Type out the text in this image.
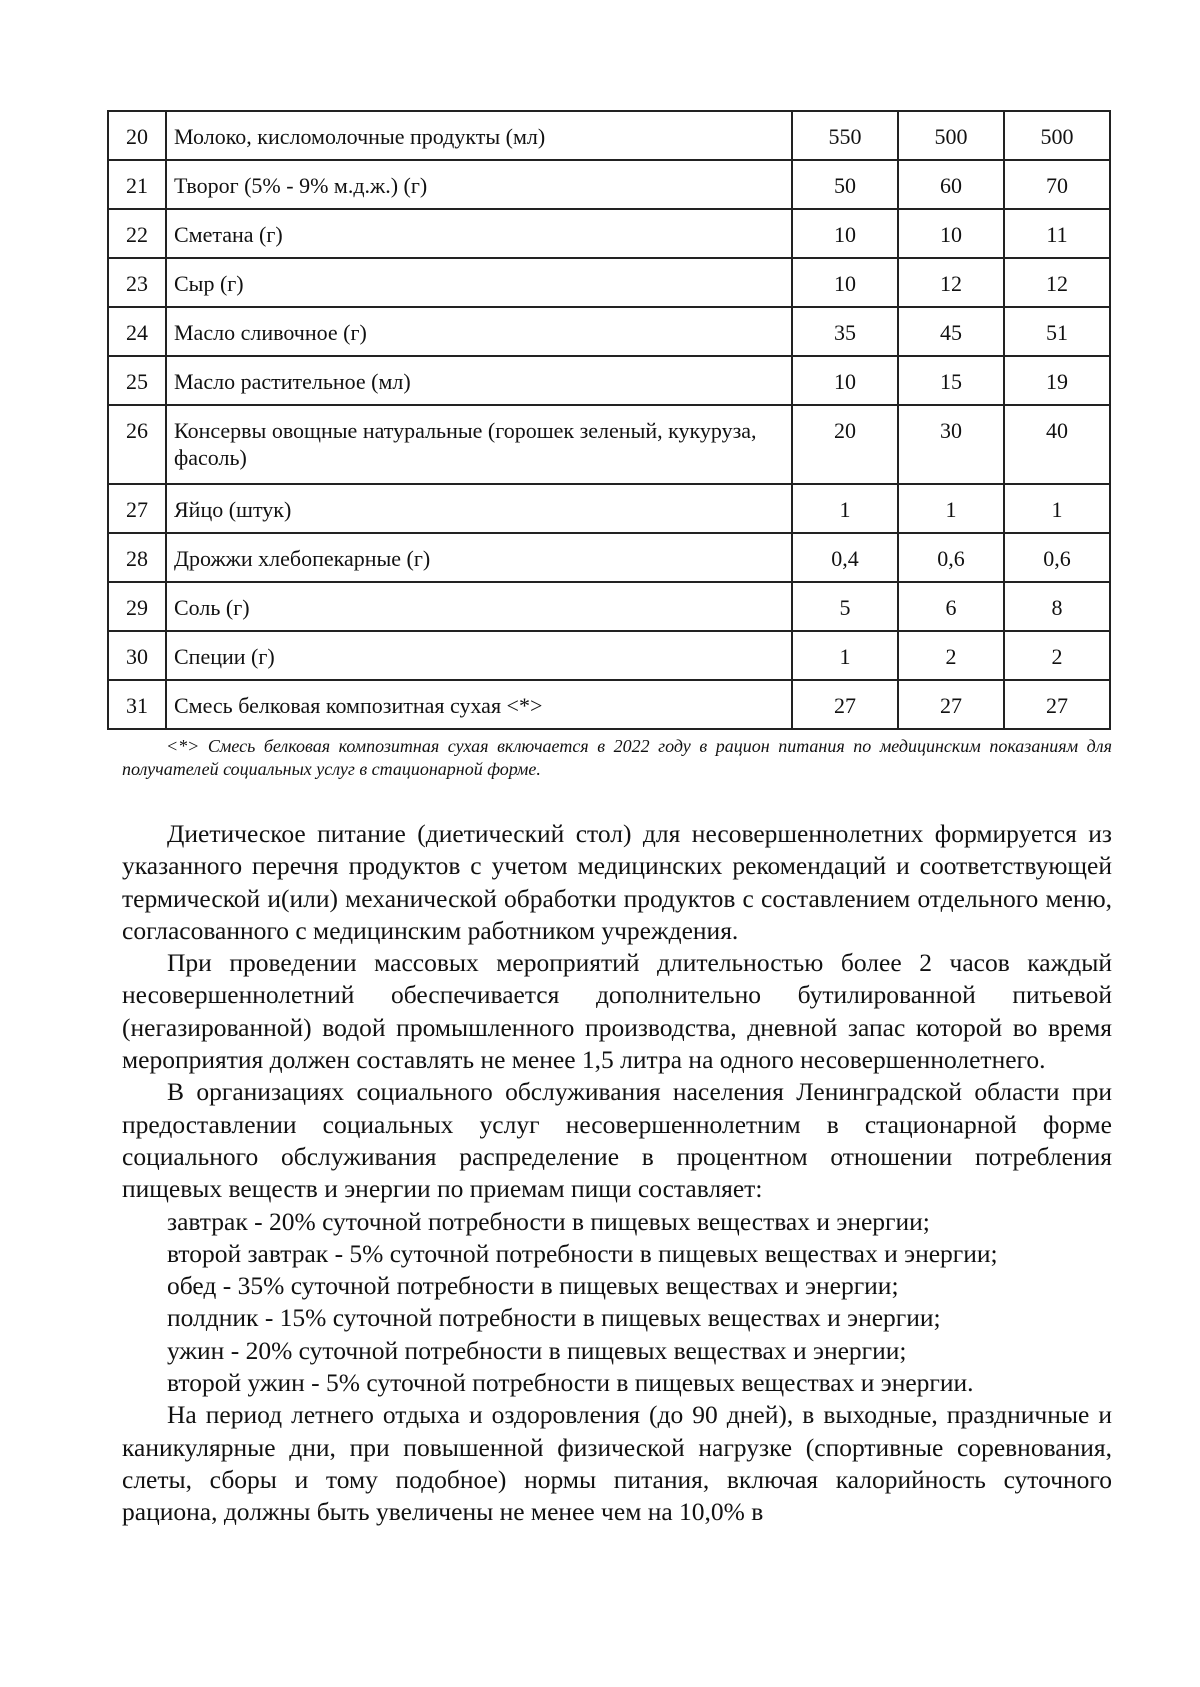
20	Молоко, кисломолочные продукты (мл)	550	500	500
21	Творог (5% - 9% м.д.ж.) (г)	50	60	70
22	Сметана (г)	10	10	11
23	Сыр (г)	10	12	12
24	Масло сливочное (г)	35	45	51
25	Масло растительное (мл)	10	15	19
26	Консервы овощные натуральные (горошек зеленый, кукуруза, фасоль)	20	30	40
27	Яйцо (штук)	1	1	1
28	Дрожжи хлебопекарные (г)	0,4	0,6	0,6
29	Соль (г)	5	6	8
30	Специи (г)	1	2	2
31	Смесь белковая композитная сухая <*>	27	27	27

<*> Смесь белковая композитная сухая включается в 2022 году в рацион питания по медицинским показаниям для получателей социальных услуг в стационарной форме.

Диетическое питание (диетический стол) для несовершеннолетних формируется из указанного перечня продуктов с учетом медицинских рекомендаций и соответствующей термической и(или) механической обработки продуктов с составлением отдельного меню, согласованного с медицинским работником учреждения.

При проведении массовых мероприятий длительностью более 2 часов каждый несовершеннолетний обеспечивается дополнительно бутилированной питьевой (негазированной) водой промышленного производства, дневной запас которой во время мероприятия должен составлять не менее 1,5 литра на одного несовершеннолетнего.

В организациях социального обслуживания населения Ленинградской области при предоставлении социальных услуг несовершеннолетним в стационарной форме социального обслуживания распределение в процентном отношении потребления пищевых веществ и энергии по приемам пищи составляет:

завтрак - 20% суточной потребности в пищевых веществах и энергии;

второй завтрак - 5% суточной потребности в пищевых веществах и энергии;

обед - 35% суточной потребности в пищевых веществах и энергии;

полдник - 15% суточной потребности в пищевых веществах и энергии;

ужин - 20% суточной потребности в пищевых веществах и энергии;

второй ужин - 5% суточной потребности в пищевых веществах и энергии.

На период летнего отдыха и оздоровления (до 90 дней), в выходные, праздничные и каникулярные дни, при повышенной физической нагрузке (спортивные соревнования, слеты, сборы и тому подобное) нормы питания, включая калорийность суточного рациона, должны быть увеличены не менее чем на 10,0% в
